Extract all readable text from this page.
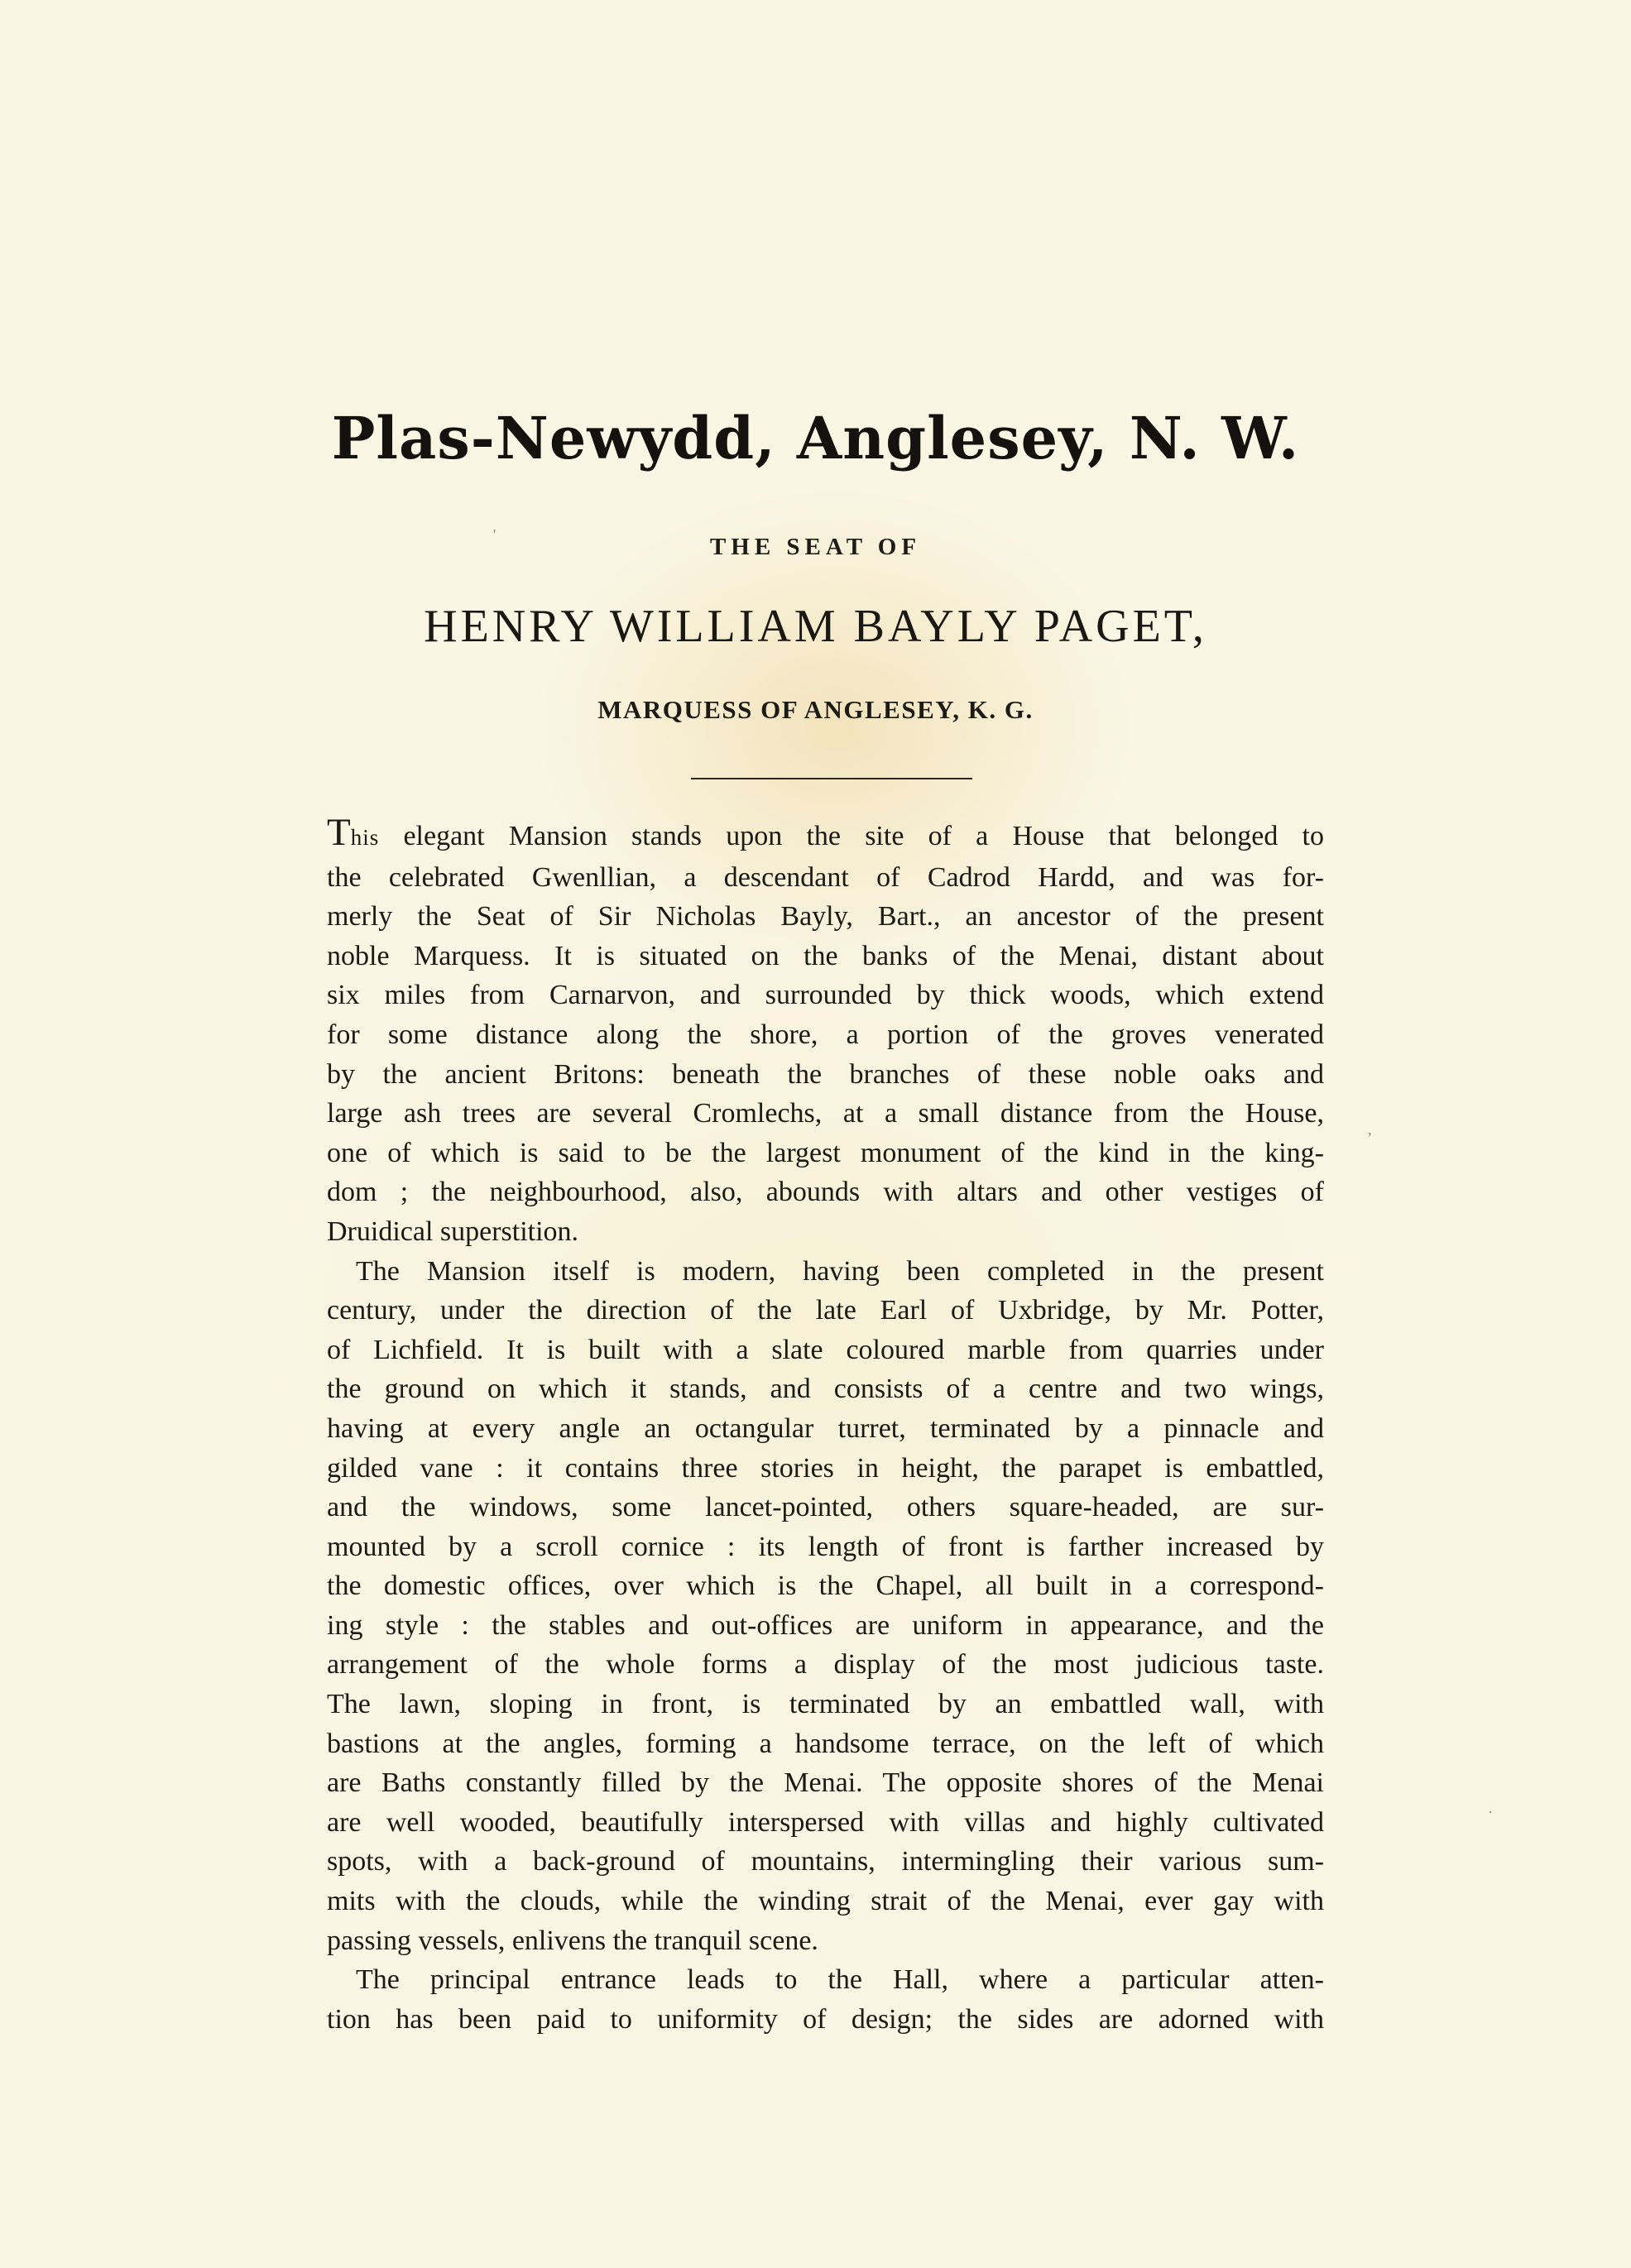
Plas-Newydd, Anglesey, N. W.
THE SEAT OF
HENRY WILLIAM BAYLY PAGET,
MARQUESS OF ANGLESEY, K. G.
This elegant Mansion stands upon the site of a House that belonged to
the celebrated Gwenllian, a descendant of Cadrod Hardd, and was for-
merly the Seat of Sir Nicholas Bayly, Bart., an ancestor of the present
noble Marquess. It is situated on the banks of the Menai, distant about
six miles from Carnarvon, and surrounded by thick woods, which extend
for some distance along the shore, a portion of the groves venerated
by the ancient Britons: beneath the branches of these noble oaks and
large ash trees are several Cromlechs, at a small distance from the House,
one of which is said to be the largest monument of the kind in the king-
dom ; the neighbourhood, also, abounds with altars and other vestiges of
Druidical superstition.
The Mansion itself is modern, having been completed in the present
century, under the direction of the late Earl of Uxbridge, by Mr. Potter,
of Lichfield. It is built with a slate coloured marble from quarries under
the ground on which it stands, and consists of a centre and two wings,
having at every angle an octangular turret, terminated by a pinnacle and
gilded vane : it contains three stories in height, the parapet is embattled,
and the windows, some lancet-pointed, others square-headed, are sur-
mounted by a scroll cornice : its length of front is farther increased by
the domestic offices, over which is the Chapel, all built in a correspond-
ing style : the stables and out-offices are uniform in appearance, and the
arrangement of the whole forms a display of the most judicious taste.
The lawn, sloping in front, is terminated by an embattled wall, with
bastions at the angles, forming a handsome terrace, on the left of which
are Baths constantly filled by the Menai. The opposite shores of the Menai
are well wooded, beautifully interspersed with villas and highly cultivated
spots, with a back-ground of mountains, intermingling their various sum-
mits with the clouds, while the winding strait of the Menai, ever gay with
passing vessels, enlivens the tranquil scene.
The principal entrance leads to the Hall, where a particular atten-
tion has been paid to uniformity of design; the sides are adorned with
'
,
·
